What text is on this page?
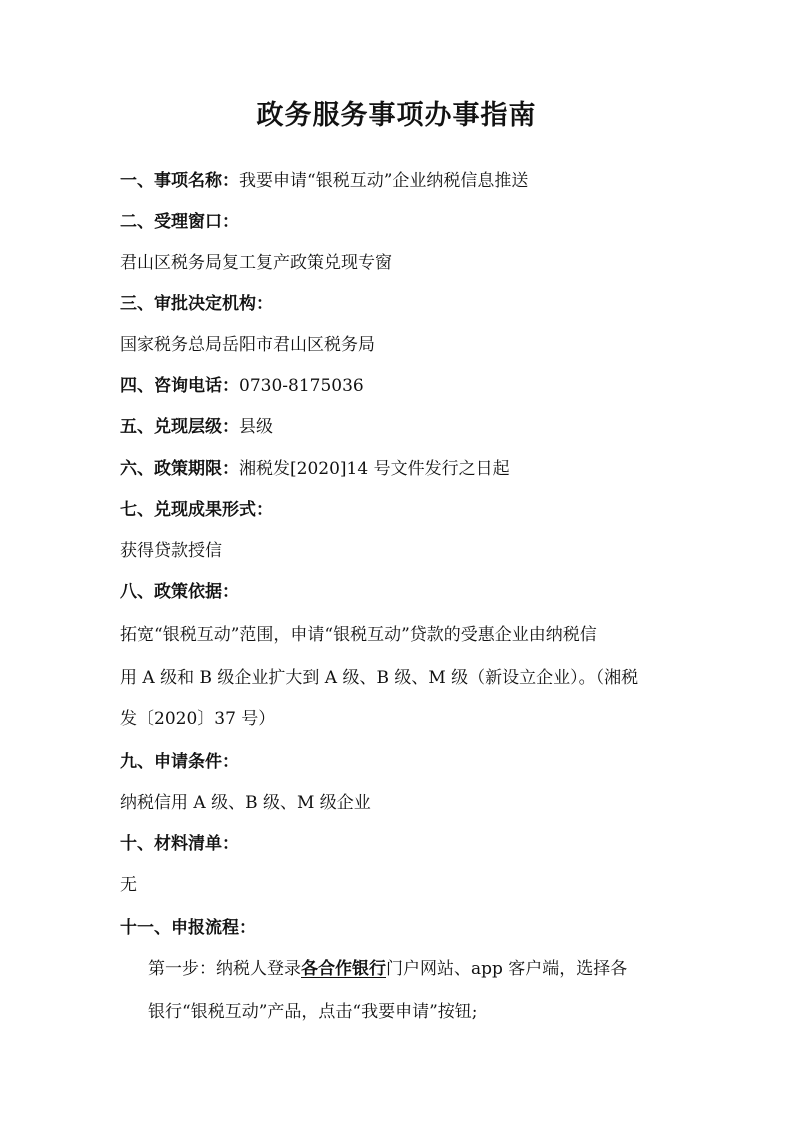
政务服务事项办事指南
一、事项名称：我要申请“银税互动”企业纳税信息推送
二、受理窗口：
君山区税务局复工复产政策兑现专窗
三、审批决定机构：
国家税务总局岳阳市君山区税务局
四、咨询电话：0730-8175036
五、兑现层级：县级
六、政策期限：湘税发[2020]14 号文件发行之日起
七、兑现成果形式：
获得贷款授信
八、政策依据：
拓宽“银税互动”范围，申请“银税互动”贷款的受惠企业由纳税信
用 A 级和 B 级企业扩大到 A 级、B 级、M 级（新设立企业）。（湘税
发〔2020〕37 号）
九、申请条件：
纳税信用 A 级、B 级、M 级企业
十、材料清单：
无
十一、申报流程：
第一步：纳税人登录各合作银行门户网站、app 客户端，选择各
银行“银税互动”产品，点击“我要申请”按钮;
